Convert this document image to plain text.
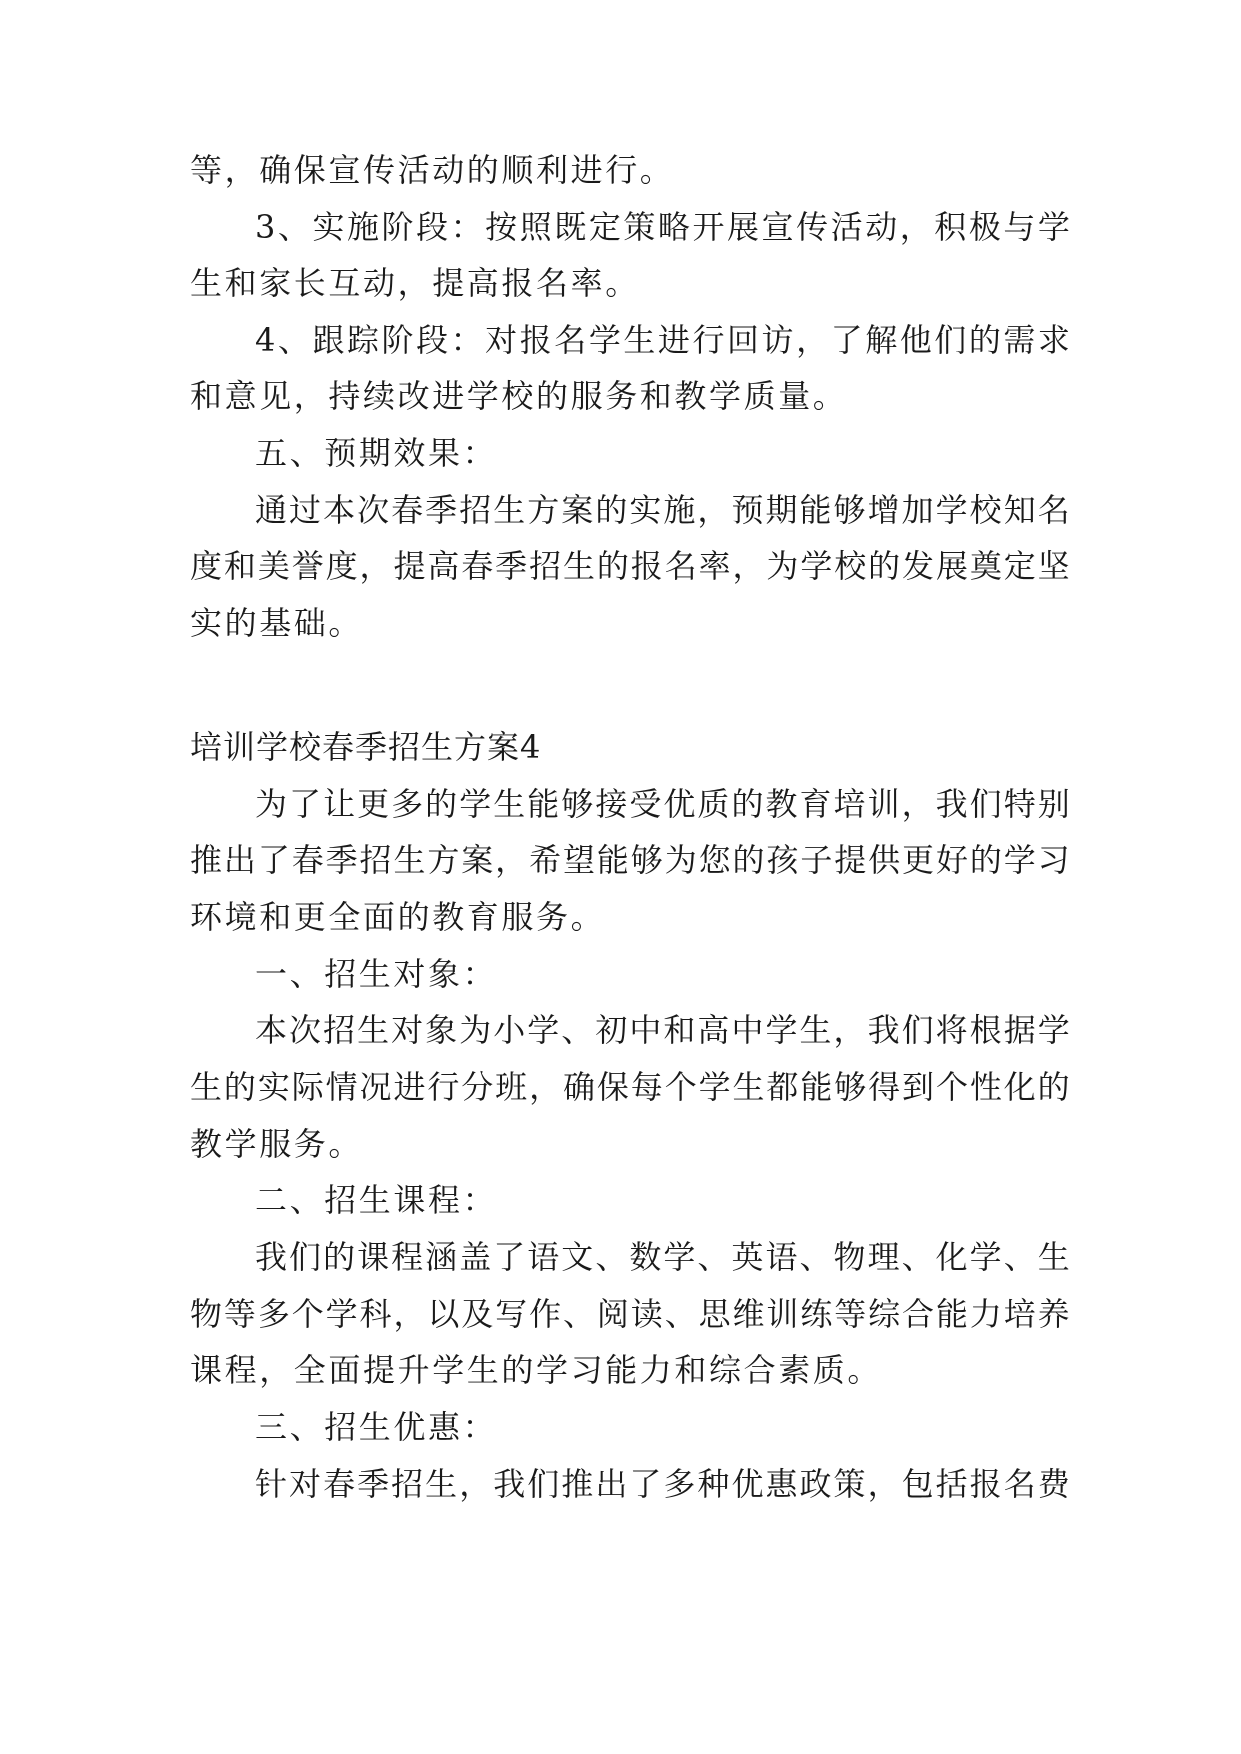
等，确保宣传活动的顺利进行。
3 、 实 施 阶 段 ： 按 照 既 定 策 略 开 展 宣 传 活 动 ， 积 极 与 学
生和家长互动，提高报名率。
4 、 跟 踪 阶 段 ： 对 报 名 学 生 进 行 回 访 ， 了 解 他 们 的 需 求
和意见，持续改进学校的服务和教学质量。
五、预期效果：
通 过 本 次 春 季 招 生 方 案 的 实 施 ， 预 期 能 够 增 加 学 校 知 名
度 和 美 誉 度 ， 提 高 春 季 招 生 的 报 名 率 ， 为 学 校 的 发 展 奠 定 坚
实的基础。
培训学校春季招生方案4
为 了 让 更 多 的 学 生 能 够 接 受 优 质 的 教 育 培 训 ， 我 们 特 别
推 出 了 春 季 招 生 方 案 ， 希 望 能 够 为 您 的 孩 子 提 供 更 好 的 学 习
环境和更全面的教育服务。
一、招生对象：
本 次 招 生 对 象 为 小 学 、 初 中 和 高 中 学 生 ， 我 们 将 根 据 学
生 的 实 际 情 况 进 行 分 班 ， 确 保 每 个 学 生 都 能 够 得 到 个 性 化 的
教学服务。
二、招生课程：
我 们 的 课 程 涵 盖 了 语 文 、 数 学 、 英 语 、 物 理 、 化 学 、 生
物 等 多 个 学 科 ， 以 及 写 作 、 阅 读 、 思 维 训 练 等 综 合 能 力 培 养
课程，全面提升学生的学习能力和综合素质。
三、招生优惠：
针 对 春 季 招 生 ， 我 们 推 出 了 多 种 优 惠 政 策 ， 包 括 报 名 费
